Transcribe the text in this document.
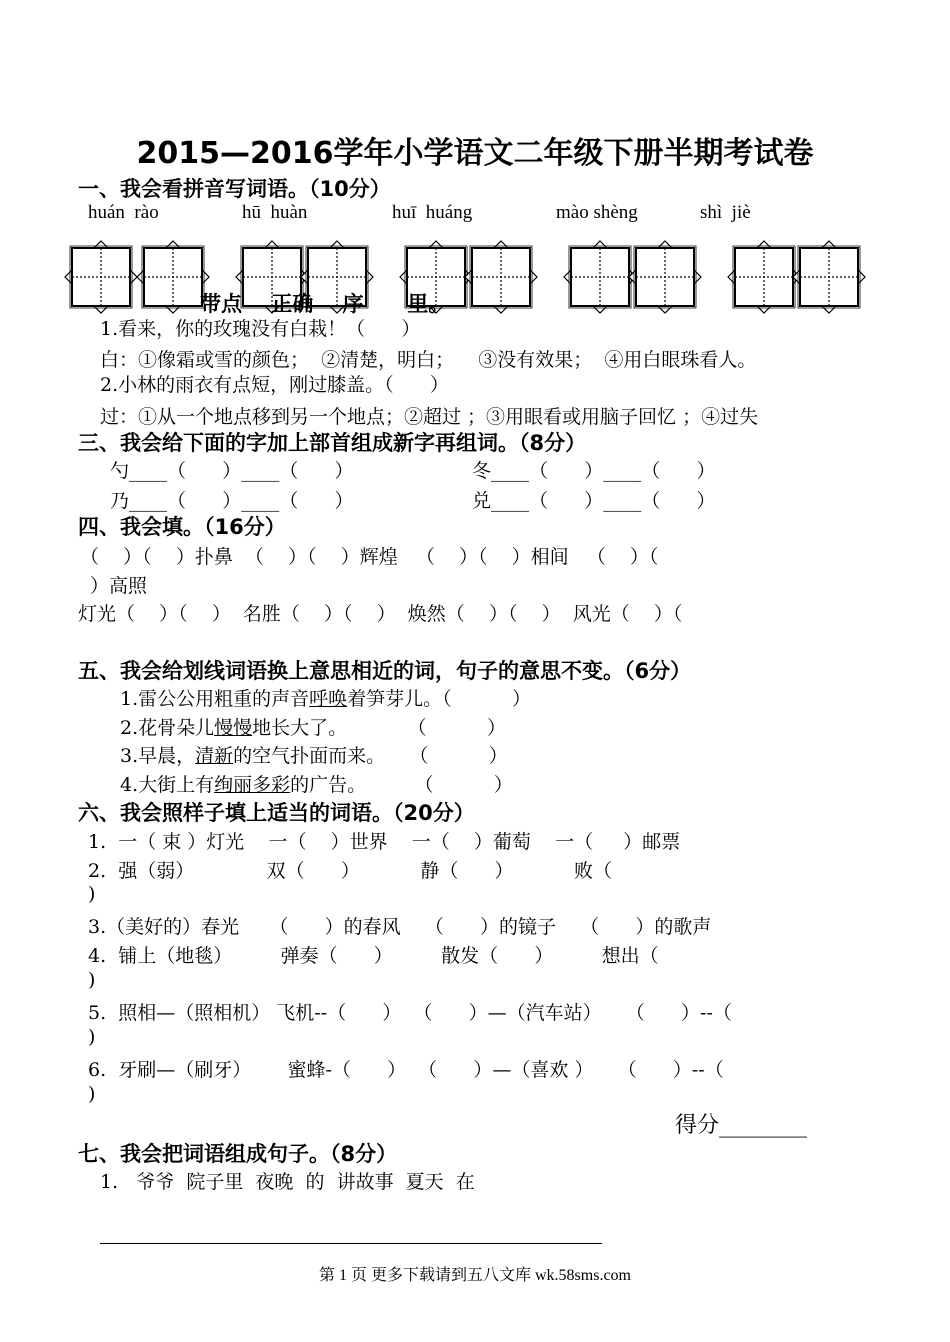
2015—2016学年小学语文二年级下册半期考试卷
一、我会看拼音写词语。（10分）
huán  rào	hū  huàn	huī  huáng	mào shèng	shì  jiè
带点    正确    序      里。
1.看来，你的玫瑰没有白栽！（      ）
白：①像霜或雪的颜色；  ②清楚，明白；    ③没有效果；  ④用白眼珠看人。
2.小林的雨衣有点短，刚过膝盖。（      ）
过：①从一个地点移到另一个地点；②超过 ；③用眼看或用脑子回忆 ；④过失
三、我会给下面的字加上部首组成新字再组词。（8分）
勺____（      ）____（      ）	冬____（      ）____（      ）
乃____（      ）____（      ）	兑____（      ）____（      ）
四、我会填。（16分）
（    ）（    ）扑鼻  （    ）（    ）辉煌   （    ）（    ）相间   （    ）（
）高照
灯光（    ）（    ）  名胜（    ）（    ）  焕然（    ）（    ）  风光（    ）（
五、我会给划线词语换上意思相近的词，句子的意思不变。（6分）
1.雷公公用粗重的声音呼唤着笋芽儿。（          ）
2.花骨朵儿慢慢地长大了。          （          ）
3.早晨，清新的空气扑面而来。    （          ）
4.大街上有绚丽多彩的广告。        （          ）
六、我会照样子填上适当的词语。（20分）
1.  一（ 束 ）灯光    一（    ）世界    一（    ）葡萄    一（     ）邮票
2.  强（弱）            双（      ）          静（      ）          败（
)
3.（美好的）春光     （      ）的春风    （      ）的镜子    （      ）的歌声
4.  铺上（地毯）        弹奏（      ）        散发（      ）        想出（
)
5.  照相—（照相机） 飞机--（      ）  （      ）—（汽车站）    （      ）--（
)
6.  牙刷—（刷牙）      蜜蜂-（      ）  （      ）—（喜欢 ）    （      ）--（
)
得分________
七、我会把词语组成句子。（8分）
1.   爷爷  院子里  夜晚  的  讲故事  夏天  在
第 1 页 更多下载请到五八文库 wk.58sms.com
